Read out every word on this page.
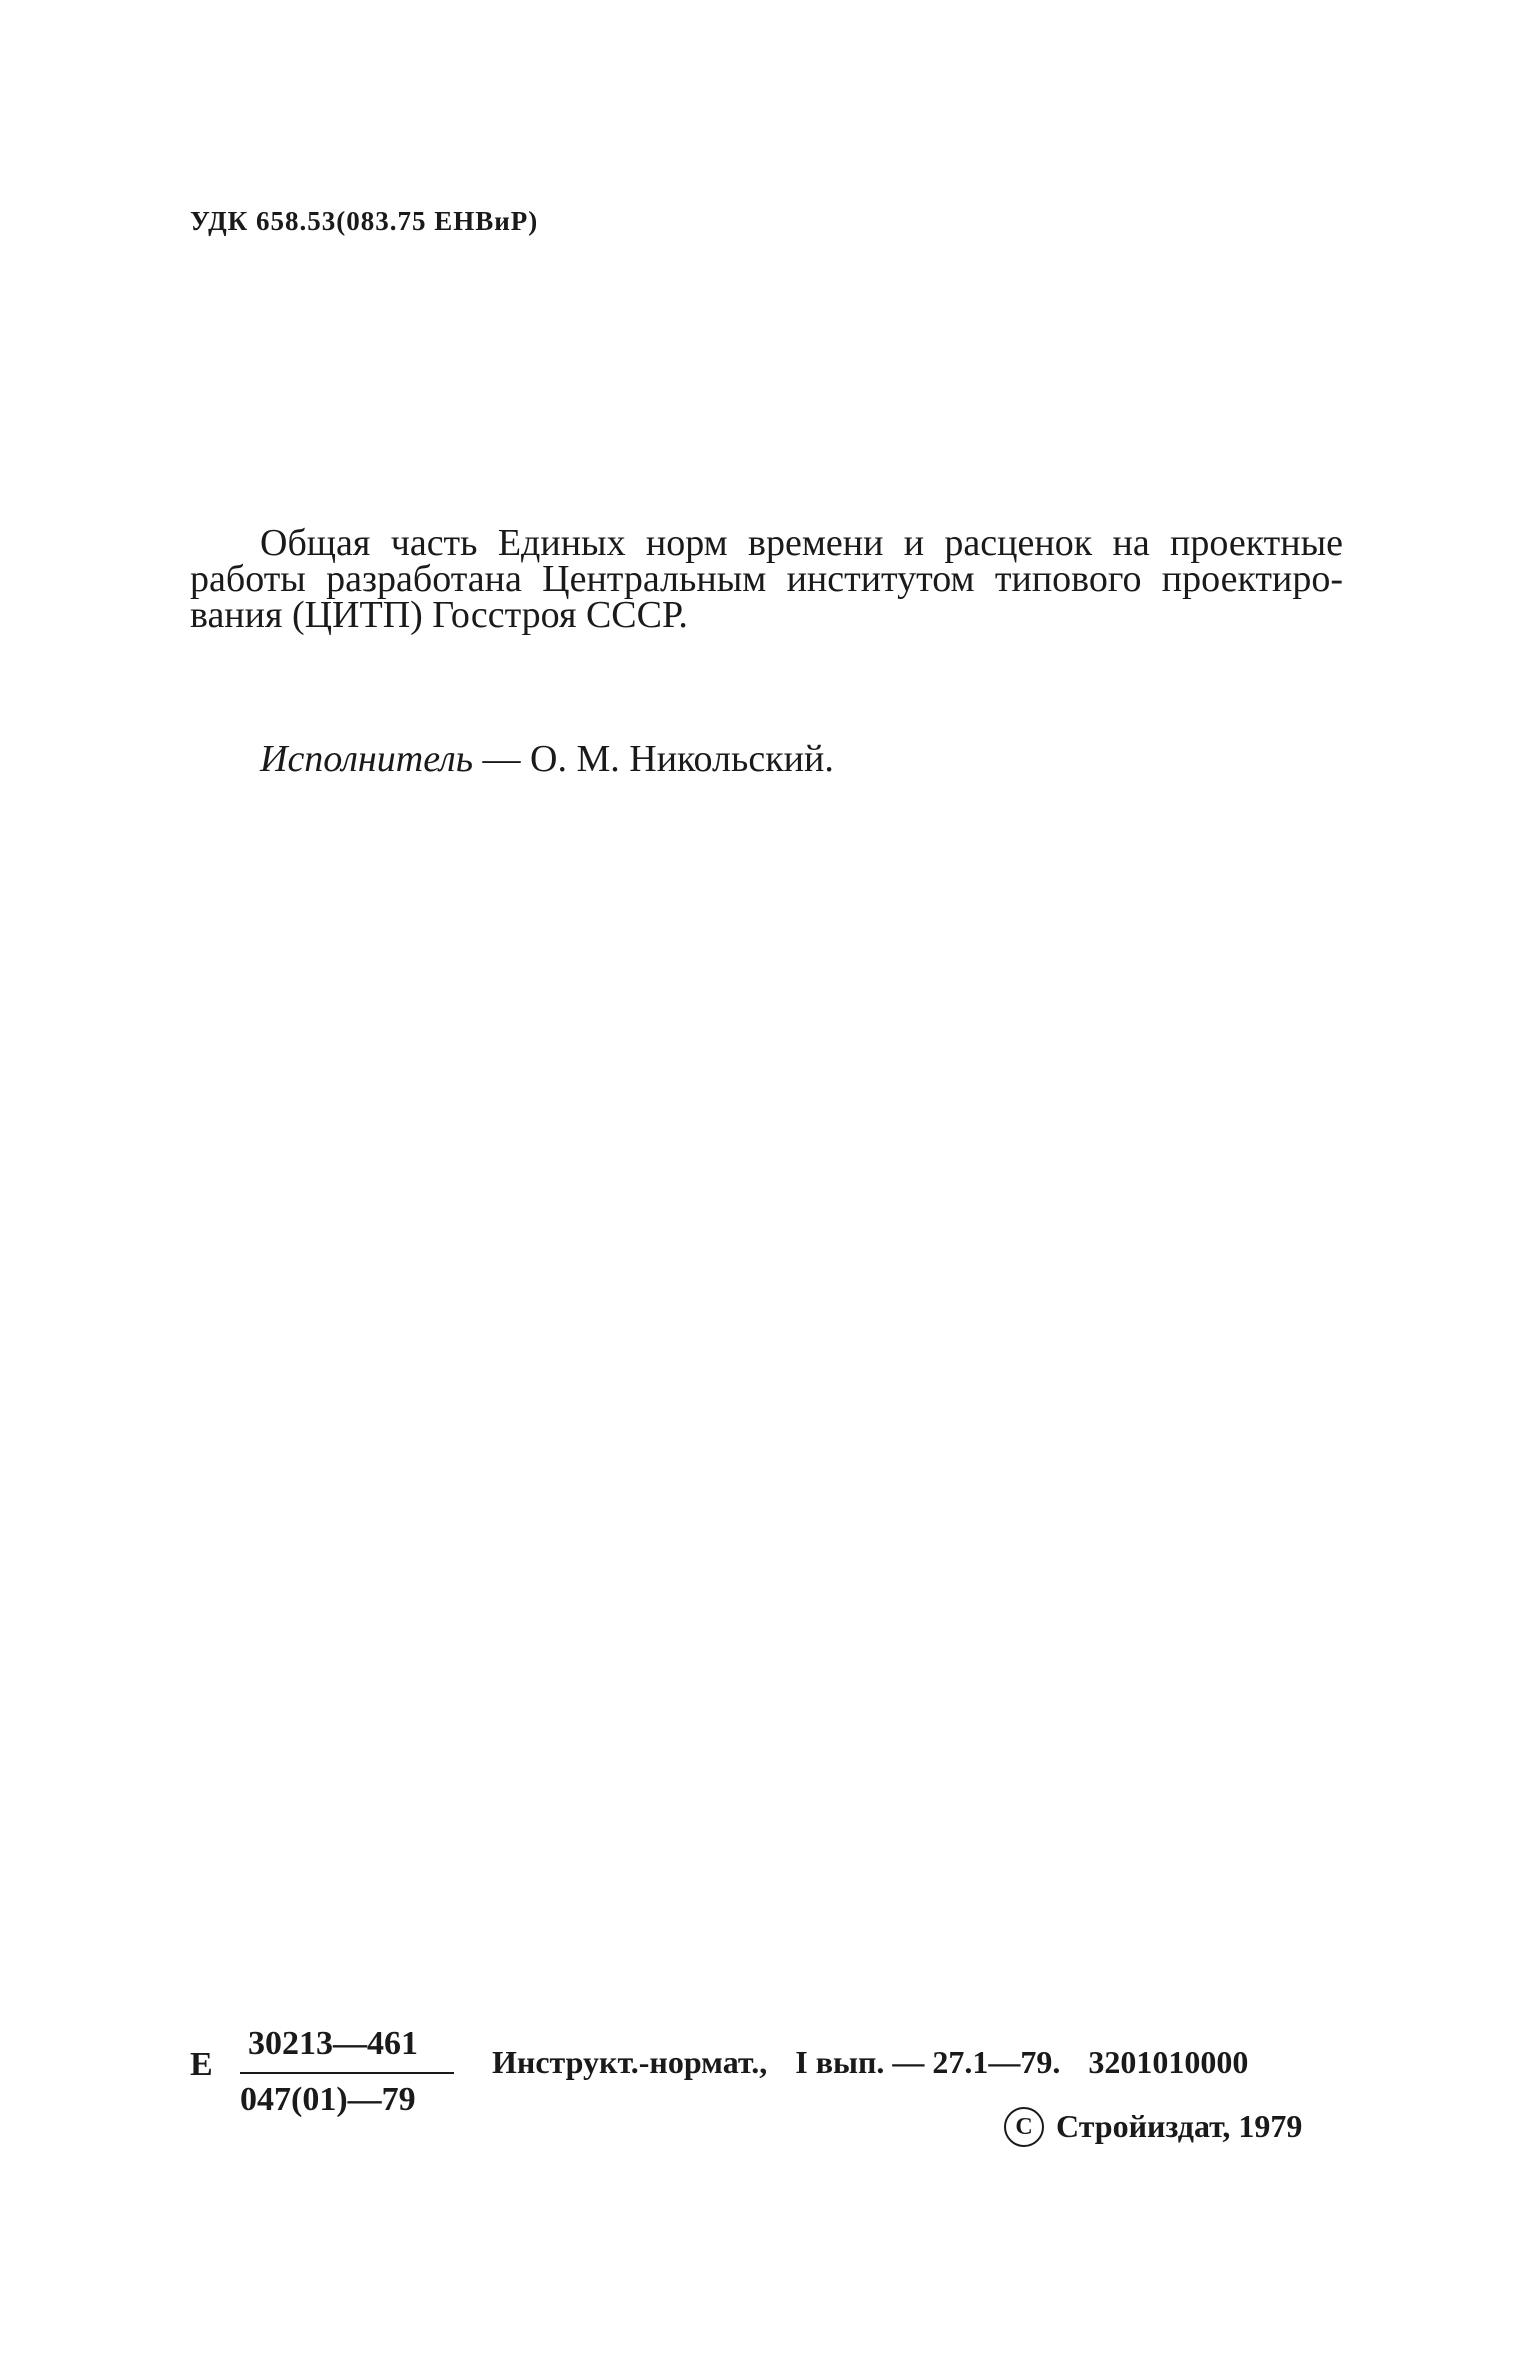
УДК 658.53(083.75 ЕНВиР)
Общая часть Единых норм времени и расценок на проектные
работы разработана Центральным институтом типового проектиро-
вания (ЦИТП) Госстроя СССР.
Исполнитель — О. М. Никольский.
Е
30213—461
047(01)—79
Инструкт.-нормат., I вып. — 27.1—79. 3201010000
C Стройиздат, 1979
